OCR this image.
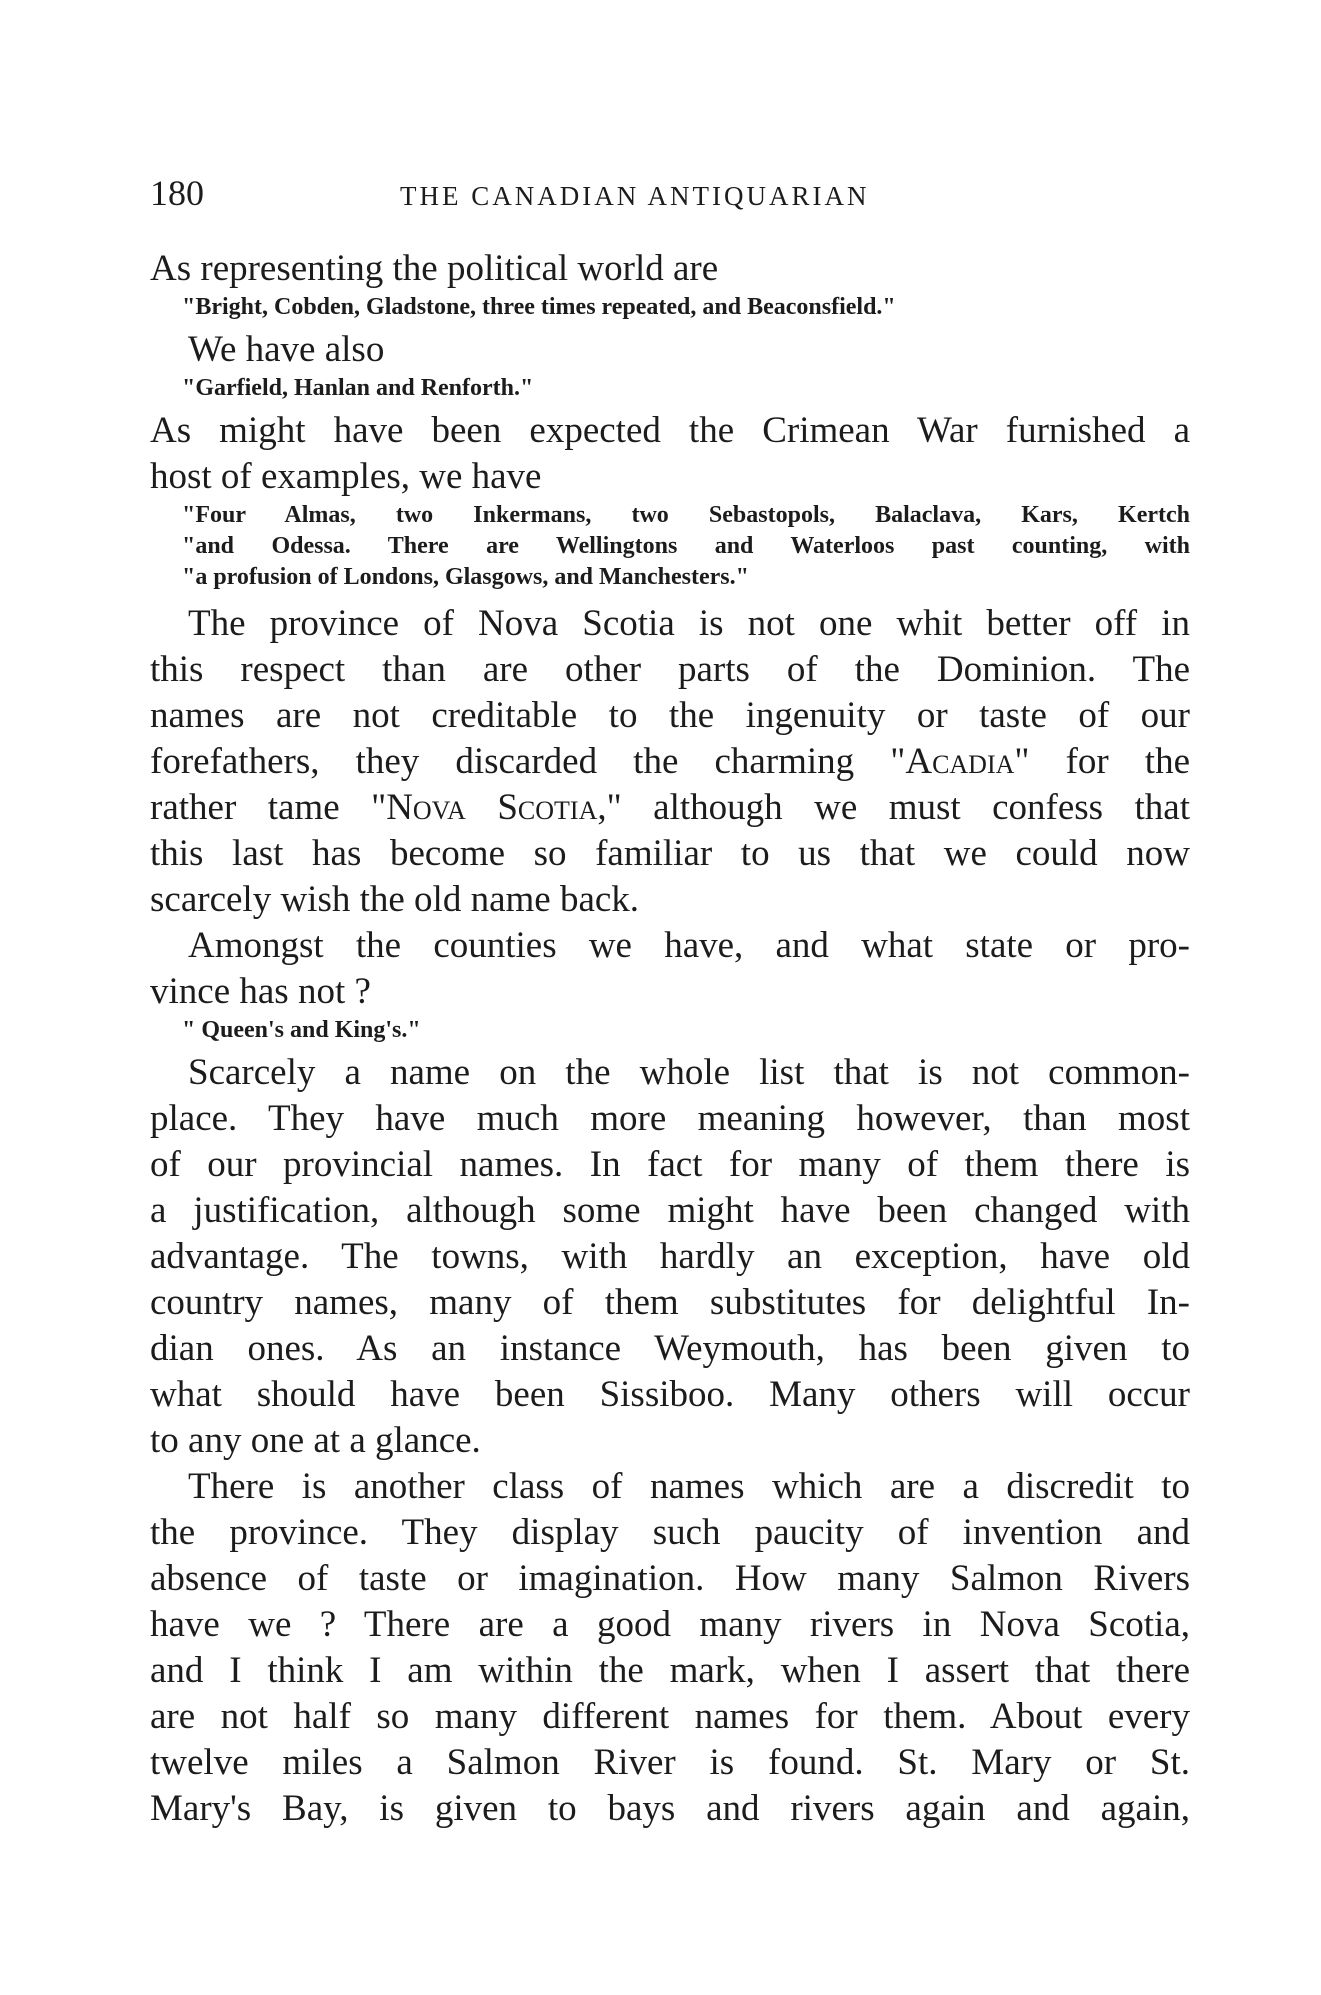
180	THE CANADIAN ANTIQUARIAN
As representing the political world are
"Bright, Cobden, Gladstone, three times repeated, and Beaconsfield."
We have also
"Garfield, Hanlan and Renforth."
As might have been expected the Crimean War furnished a
host of examples, we have
"Four Almas, two Inkermans, two Sebastopols, Balaclava, Kars, Kertch
"and Odessa. There are Wellingtons and Waterloos past counting, with
"a profusion of Londons, Glasgows, and Manchesters."
The province of Nova Scotia is not one whit better off in
this respect than are other parts of the Dominion. The
names are not creditable to the ingenuity or taste of our
forefathers, they discarded the charming "Acadia" for the
rather tame "Nova Scotia," although we must confess that
this last has become so familiar to us that we could now
scarcely wish the old name back.
Amongst the counties we have, and what state or pro-
vince has not ?
" Queen's and King's."
Scarcely a name on the whole list that is not common-
place. They have much more meaning however, than most
of our provincial names. In fact for many of them there is
a justification, although some might have been changed with
advantage. The towns, with hardly an exception, have old
country names, many of them substitutes for delightful In-
dian ones. As an instance Weymouth, has been given to
what should have been Sissiboo. Many others will occur
to any one at a glance.
There is another class of names which are a discredit to
the province. They display such paucity of invention and
absence of taste or imagination. How many Salmon Rivers
have we ? There are a good many rivers in Nova Scotia,
and I think I am within the mark, when I assert that there
are not half so many different names for them. About every
twelve miles a Salmon River is found. St. Mary or St.
Mary's Bay, is given to bays and rivers again and again,
